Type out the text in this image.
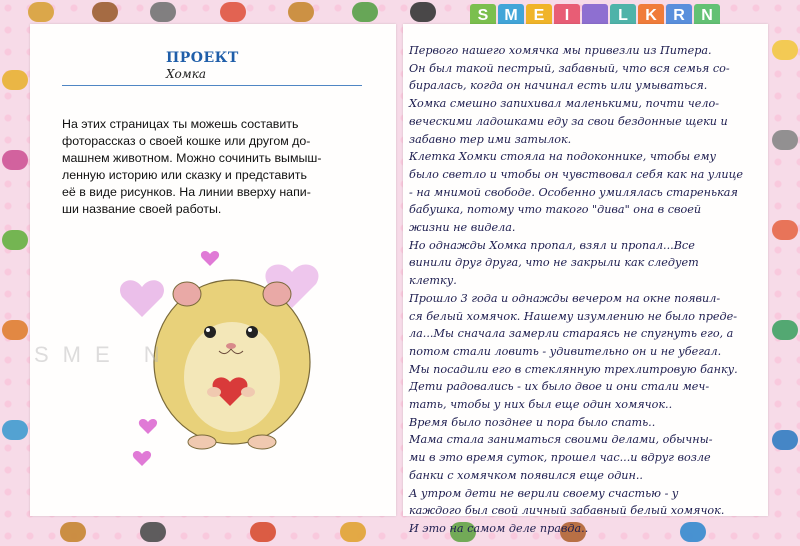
S	M	E	I	L	K	R	N
ПРОЕКТ
Хомка
На этих страницах ты можешь составить
фоторассказ о своей кошке или другом до-
машнем животном. Можно сочинить вымыш-
ленную историю или сказку и представить
её в виде рисунков. На линии вверху напи-
ши название своей работы.
SME N

Первого нашего хомячка мы привезли из Питера.

Он был такой пестрый, забавный, что вся семья со-

биралась, когда он начинал есть или умываться.

Хомка смешно запихивал маленькими, почти чело-

веческими ладошками еду за свои бездонные щеки и

забавно тер ими затылок.

Клетка Хомки стояла на подоконнике, чтобы ему

было светло и чтобы он чувствовал себя как на улице

- на мнимой свободе. Особенно умилялась старенькая

бабушка, потому что такого "дива" она в своей

жизни не видела.

Но однажды Хомка пропал, взял и пропал...Все

винили друг друга, что не закрыли как следует

клетку.

Прошло 3 года и однажды вечером на окне появил-

ся белый хомячок. Нашему изумлению не было преде-

ла...Мы сначала замерли стараясь не спугнуть его, а

потом стали ловить - удивительно он и не убегал.

Мы посадили его в стеклянную трехлитровую банку.

Дети радовались - их было двое и они стали меч-

тать, чтобы у них был еще один хомячок..

Время было позднее и пора было спать..

Мама стала заниматься своими делами, обычны-

ми в это время суток, прошел час...и вдруг возле

банки с хомячком появился еще один..

А утром дети не верили своему счастью - у

каждого был свой личный забавный белый хомячок.

И это на самом деле правда..
